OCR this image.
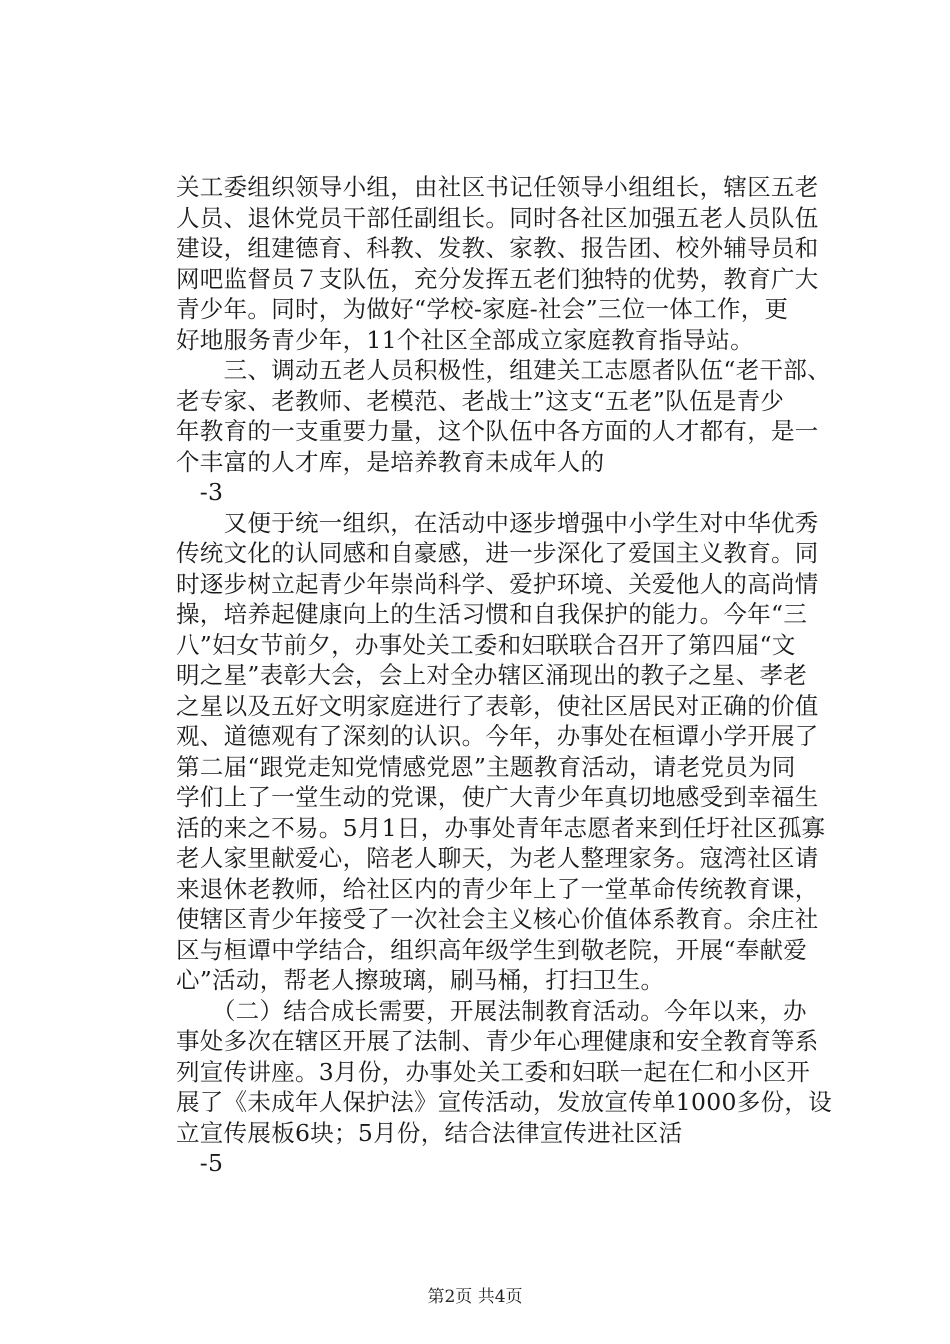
关工委组织领导小组，由社区书记任领导小组组长，辖区五老
人员、退休党员干部任副组长。同时各社区加强五老人员队伍
建设，组建德育、科教、发教、家教、报告团、校外辅导员和
网吧监督员７支队伍，充分发挥五老们独特的优势，教育广大
青少年。同时，为做好“学校-家庭-社会”三位一体工作，更
好地服务青少年，11个社区全部成立家庭教育指导站。
　　三、调动五老人员积极性，组建关工志愿者队伍“老干部、
老专家、老教师、老模范、老战士”这支“五老”队伍是青少
年教育的一支重要力量，这个队伍中各方面的人才都有，是一
个丰富的人才库，是培养教育未成年人的
　-3
　　又便于统一组织，在活动中逐步增强中小学生对中华优秀
传统文化的认同感和自豪感，进一步深化了爱国主义教育。同
时逐步树立起青少年崇尚科学、爱护环境、关爱他人的高尚情
操，培养起健康向上的生活习惯和自我保护的能力。今年“三
八”妇女节前夕，办事处关工委和妇联联合召开了第四届“文
明之星”表彰大会，会上对全办辖区涌现出的教子之星、孝老
之星以及五好文明家庭进行了表彰，使社区居民对正确的价值
观、道德观有了深刻的认识。今年，办事处在桓谭小学开展了
第二届“跟党走知党情感党恩”主题教育活动，请老党员为同
学们上了一堂生动的党课，使广大青少年真切地感受到幸福生
活的来之不易。5月1日，办事处青年志愿者来到任圩社区孤寡
老人家里献爱心，陪老人聊天，为老人整理家务。寇湾社区请
来退休老教师，给社区内的青少年上了一堂革命传统教育课，
使辖区青少年接受了一次社会主义核心价值体系教育。余庄社
区与桓谭中学结合，组织高年级学生到敬老院，开展“奉献爱
心”活动，帮老人擦玻璃，刷马桶，打扫卫生。
　　（二）结合成长需要，开展法制教育活动。今年以来，办
事处多次在辖区开展了法制、青少年心理健康和安全教育等系
列宣传讲座。3月份，办事处关工委和妇联一起在仁和小区开
展了《未成年人保护法》宣传活动，发放宣传单1000多份，设
立宣传展板6块；5月份，结合法律宣传进社区活
　-5
第2页 共4页
